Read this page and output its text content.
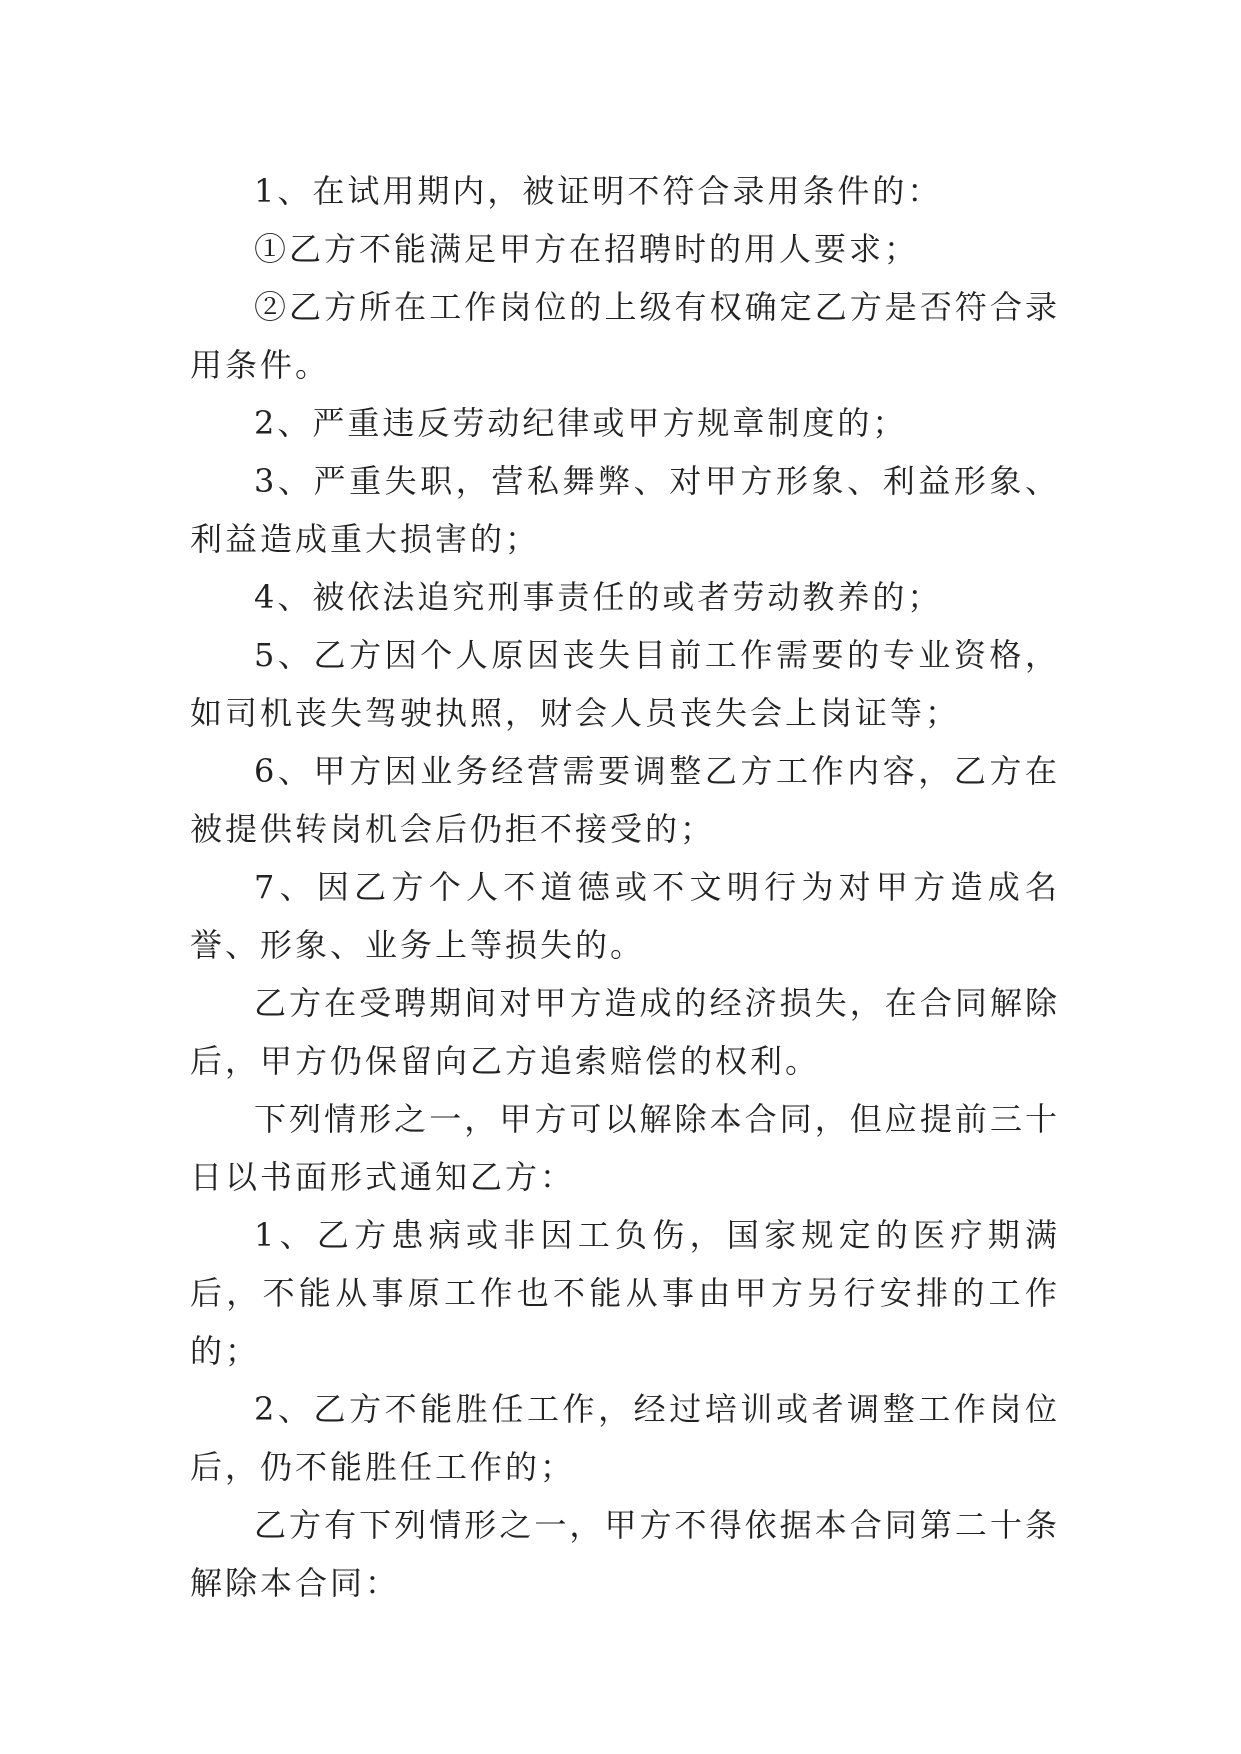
1、在试用期内，被证明不符合录用条件的：

①乙方不能满足甲方在招聘时的用人要求；

②乙方所在工作岗位的上级有权确定乙方是否符合录用条件。

2、严重违反劳动纪律或甲方规章制度的；

3、严重失职，营私舞弊、对甲方形象、利益形象、利益造成重大损害的；

4、被依法追究刑事责任的或者劳动教养的；

5、乙方因个人原因丧失目前工作需要的专业资格，如司机丧失驾驶执照，财会人员丧失会上岗证等；

6、甲方因业务经营需要调整乙方工作内容，乙方在被提供转岗机会后仍拒不接受的；

7、因乙方个人不道德或不文明行为对甲方造成名誉、形象、业务上等损失的。

乙方在受聘期间对甲方造成的经济损失，在合同解除后，甲方仍保留向乙方追索赔偿的权利。

下列情形之一，甲方可以解除本合同，但应提前三十日以书面形式通知乙方：

1、乙方患病或非因工负伤，国家规定的医疗期满后，不能从事原工作也不能从事由甲方另行安排的工作的；

2、乙方不能胜任工作，经过培训或者调整工作岗位后，仍不能胜任工作的；

乙方有下列情形之一，甲方不得依据本合同第二十条解除本合同：
